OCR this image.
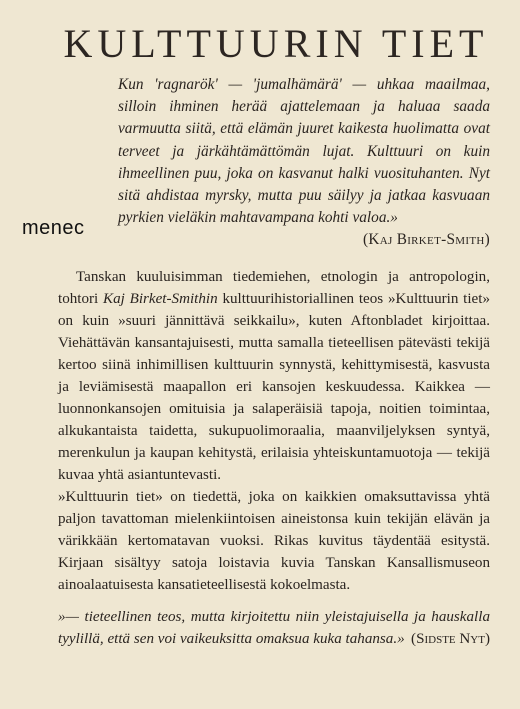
KULTTUURIN TIET
Kun 'ragnarök' — 'jumalhämärä' — uhkaa maailmaa, silloin ihminen herää ajattelemaan ja haluaa saada varmuutta siitä, että elämän juuret kaikesta huolimatta ovat terveet ja järkähtämättömän lujat. Kulttuuri on kuin ihmeellinen puu, joka on kasvanut halki vuosituhanten. Nyt sitä ahdistaa myrsky, mutta puu säilyy ja jatkaa kasvuaan pyrkien vieläkin mahtavampana kohti valoa.»
(Kaj Birket-Smith)

Tanskan kuuluisimman tiedemiehen, etnologin ja antropologin, tohtori Kaj Birket-Smithin kulttuurihistoriallinen teos »Kulttuurin tiet» on kuin »suuri jännittävä seikkailu», kuten Aftonbladet kirjoittaa. Viehättävän kansantajuisesti, mutta samalla tieteellisen pätevästi tekijä kertoo siinä inhimillisen kulttuurin synnystä, kehittymisestä, kasvusta ja leviämisestä maapallon eri kansojen keskuudessa. Kaikkea — luonnonkansojen omituisia ja salaperäisiä tapoja, noitien toimintaa, alkukantaista taidetta, sukupuolimoraalia, maanviljelyksen syntyä, merenkulun ja kaupan kehitystä, erilaisia yhteiskuntamuotoja — tekijä kuvaa yhtä asiantuntevasti.

»Kulttuurin tiet» on tiedettä, joka on kaikkien omaksuttavissa yhtä paljon tavattoman mielenkiintoisen aineistonsa kuin tekijän elävän ja värikkään kertomatavan vuoksi. Rikas kuvitus täydentää esitystä. Kirjaan sisältyy satoja loistavia kuvia Tanskan Kansallismuseon ainoalaatuisesta kansatieteellisestä kokoelmasta.

»— tieteellinen teos, mutta kirjoitettu niin yleistajuisella ja hauskalla tyylillä, että sen voi vaikeuksitta omaksua kuka tahansa.» (Sidste Nyt)
menec
